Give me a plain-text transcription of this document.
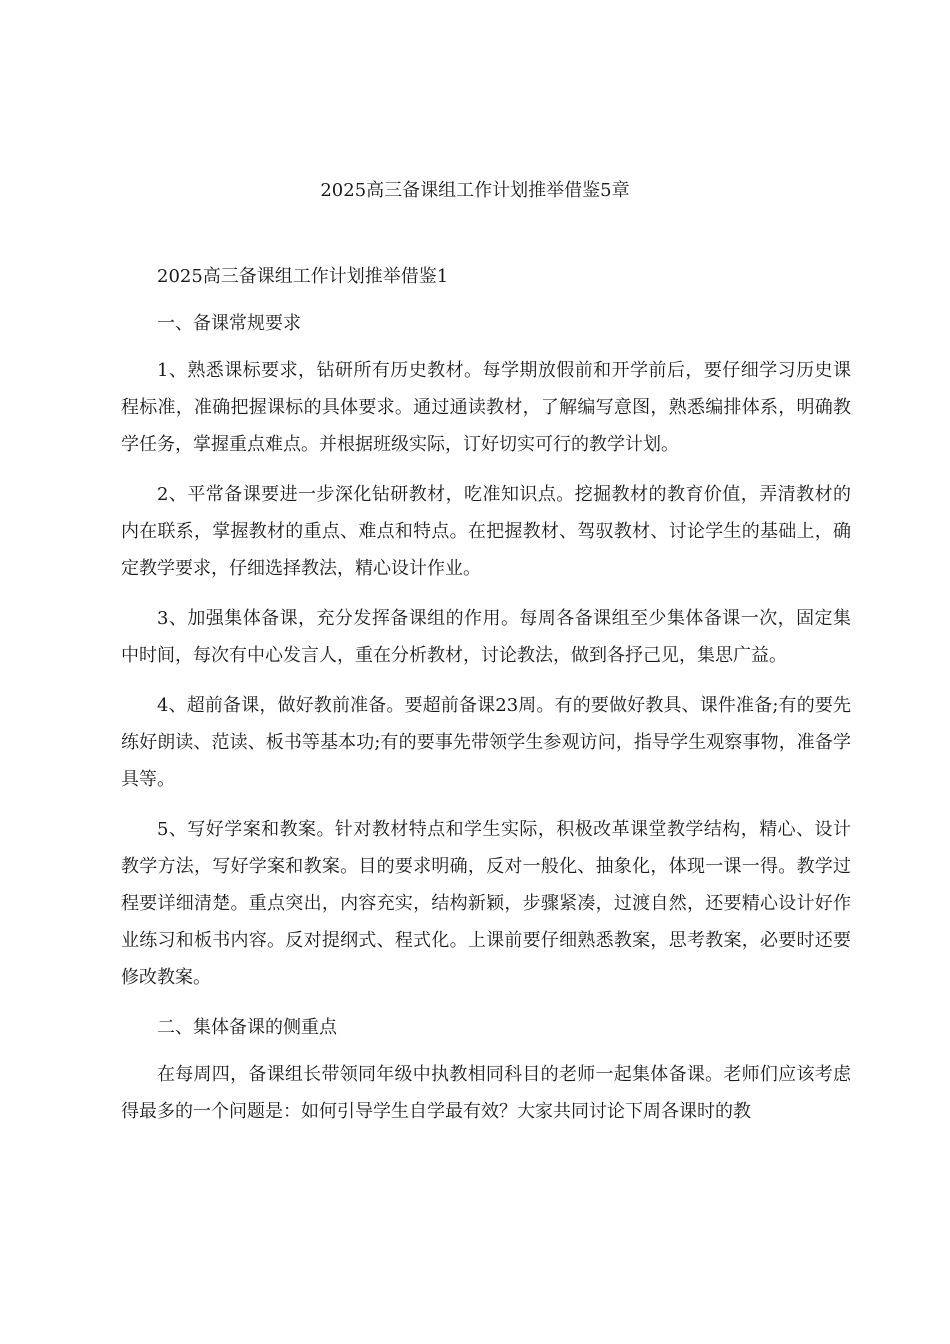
2025高三备课组工作计划推举借鉴5章

2025高三备课组工作计划推举借鉴1

一、备课常规要求

1、熟悉课标要求，钻研所有历史教材。每学期放假前和开学前后，要仔细学习历史课程标准，准确把握课标的具体要求。通过通读教材，了解编写意图，熟悉编排体系，明确教学任务，掌握重点难点。并根据班级实际，订好切实可行的教学计划。

2、平常备课要进一步深化钻研教材，吃准知识点。挖掘教材的教育价值，弄清教材的内在联系，掌握教材的重点、难点和特点。在把握教材、驾驭教材、讨论学生的基础上，确定教学要求，仔细选择教法，精心设计作业。

3、加强集体备课，充分发挥备课组的作用。每周各备课组至少集体备课一次，固定集中时间，每次有中心发言人，重在分析教材，讨论教法，做到各抒己见，集思广益。

4、超前备课，做好教前准备。要超前备课23周。有的要做好教具、课件准备;有的要先练好朗读、范读、板书等基本功;有的要事先带领学生参观访问，指导学生观察事物，准备学具等。

5、写好学案和教案。针对教材特点和学生实际，积极改革课堂教学结构，精心、设计教学方法，写好学案和教案。目的要求明确，反对一般化、抽象化，体现一课一得。教学过程要详细清楚。重点突出，内容充实，结构新颖，步骤紧凑，过渡自然，还要精心设计好作业练习和板书内容。反对提纲式、程式化。上课前要仔细熟悉教案，思考教案，必要时还要修改教案。

二、集体备课的侧重点

在每周四，备课组长带领同年级中执教相同科目的老师一起集体备课。老师们应该考虑得最多的一个问题是：如何引导学生自学最有效？大家共同讨论下周各课时的教
